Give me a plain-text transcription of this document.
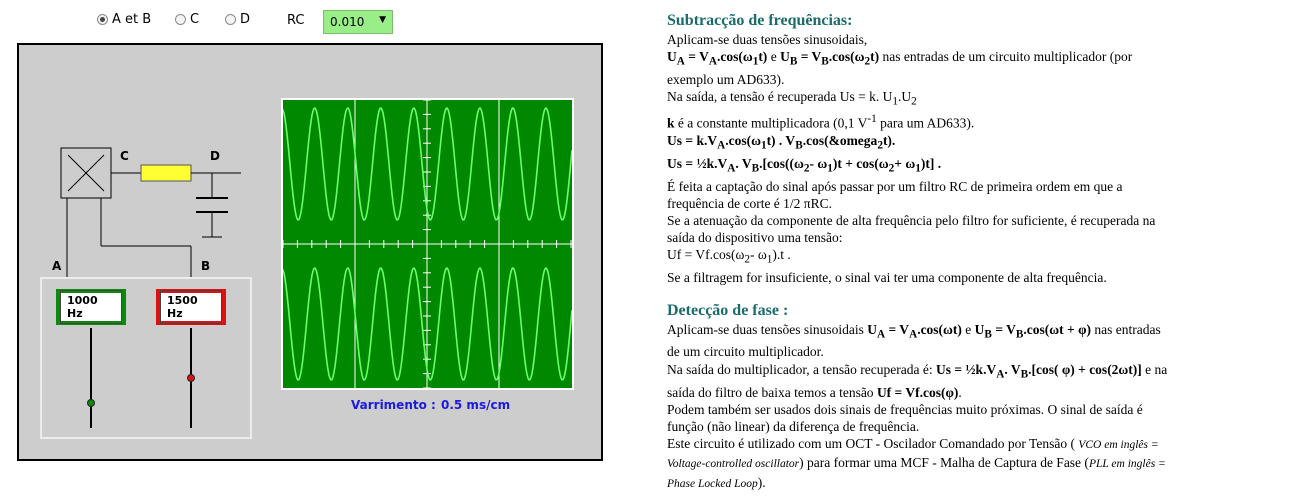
A et B	C	D	RC	0.010 ▼
C	D
A	B
1000 Hz
1500 Hz
Varrimento : 0.5 ms/cm
Subtracção de frequências:

Aplicam-se duas tensões sinusoidais,

$U_A = V_A.\cos(\omega_1t)$ e $U_B = V_B.\cos(\omega_2t)$ nas entradas de um circuito multiplicador (por

exemplo um AD633).

Na saída, a tensão é recuperada Us = k. $U_1.U_2$

k é a constante multiplicadora (0,1 $V^{-1}$ para um AD633).

$Us = k.V_A.\cos(\omega_1t)$ . $V_B.\cos(\&omega_2t)$.

$Us = \frac{1}{2}k.V_A$. $V_B.[\cos((\omega_2-$ $\omega_1)t + \cos(\omega_2+ \omega_1)t$] .

É feita a captação do sinal após passar por um filtro RC de primeira ordem em que a

frequência de corte é 1/2 πRC.

Se a atenuação da componente de alta frequência pelo filtro for suficiente, é recuperada na

saída do dispositivo uma tensão:

$Uf = Vf.\cos(\omega_2-$ $\omega_1).t$ .

Se a filtragem for insuficiente, o sinal vai ter uma componente de alta frequência.

Detecção de fase :

Aplicam-se duas tensões sinusoidais $U_A = V_A.\cos(\omega t)$ e $U_B = V_B.\cos(\omega t + \varphi)$ nas entradas

de um circuito multiplicador.

Na saída do multiplicador, a tensão recuperada é: $Us = \frac{1}{2}k.V_A$. $V_B.[\cos$( φ) + cos(2ωt)] e na

saída do filtro de baixa temos a tensão Uf = Vf.cos(φ).

Podem também ser usados dois sinais de frequências muito próximas. O sinal de saída é

função (não linear) da diferença de frequência.

Este circuito é utilizado com um OCT - Oscilador Comandado por Tensão ( VCO em inglês =

Voltage-controlled oscillator) para formar uma MCF - Malha de Captura de Fase (PLL em inglês =

Phase Locked Loop).
